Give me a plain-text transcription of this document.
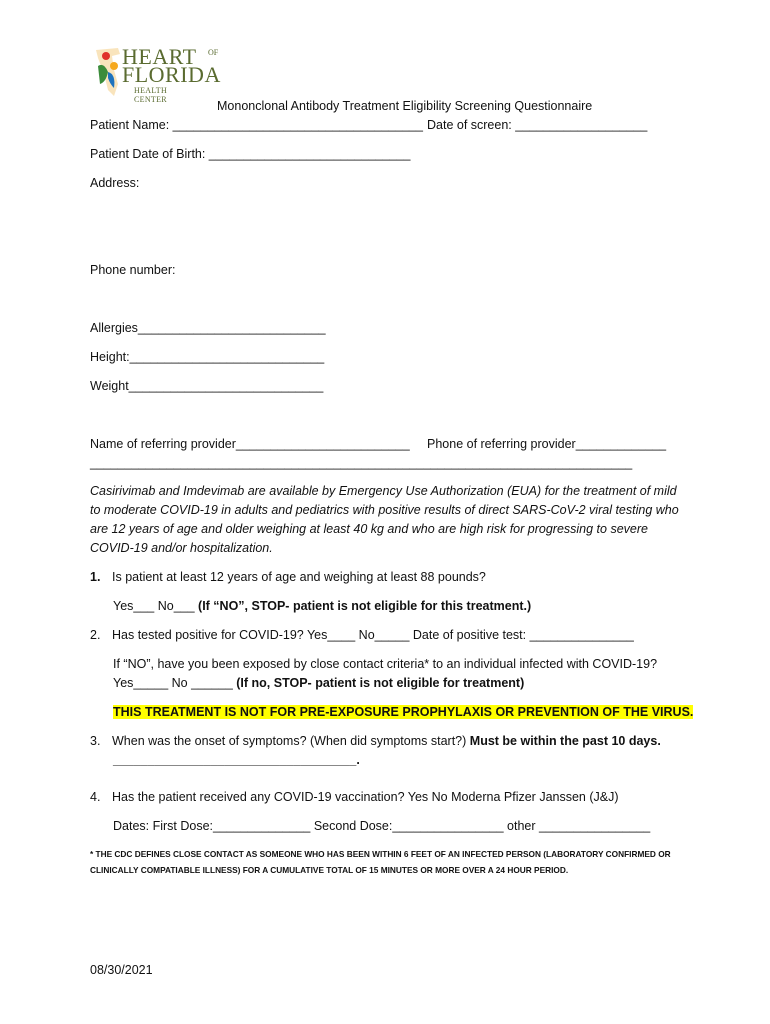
HEART OF
FLORIDA
HEALTH CENTER	Mononclonal Antibody Treatment Eligibility Screening Questionnaire
Patient Name: ____________________________________ Date of screen: ___________________
Patient Date of Birth: _____________________________
Address:
Phone number:
Allergies___________________________
Height:____________________________
Weight____________________________
Name of referring provider_________________________ Phone of referring provider_____________
______________________________________________________________________________
Casirivimab and Imdevimab are available by Emergency Use Authorization (EUA) for the treatment of mild to moderate COVID-19 in adults and pediatrics with positive results of direct SARS-CoV-2 viral testing who are 12 years of age and older weighing at least 40 kg and who are high risk for progressing to severe COVID-19 and/or hospitalization.
1. Is patient at least 12 years of age and weighing at least 88 pounds?
Yes___ No___ (If “NO”, STOP- patient is not eligible for this treatment.)
2. Has tested positive for COVID-19? Yes____ No_____ Date of positive test: _______________
If “NO”, have you been exposed by close contact criteria* to an individual infected with COVID-19?
Yes_____ No ______ (If no, STOP- patient is not eligible for treatment)
THIS TREATMENT IS NOT FOR PRE-EXPOSURE PROPHYLAXIS OR PREVENTION OF THE VIRUS.
3. When was the onset of symptoms? (When did symptoms start?) Must be within the past 10 days.
___________________________________.
4. Has the patient received any COVID-19 vaccination? Yes No Moderna Pfizer Janssen (J&J)
Dates: First Dose:______________ Second Dose:________________ other ________________
* THE CDC DEFINES CLOSE CONTACT AS SOMEONE WHO HAS BEEN WITHIN 6 FEET OF AN INFECTED PERSON (LABORATORY CONFIRMED OR CLINICALLY COMPATIABLE ILLNESS) FOR A CUMULATIVE TOTAL OF 15 MINUTES OR MORE OVER A 24 HOUR PERIOD.
08/30/2021
